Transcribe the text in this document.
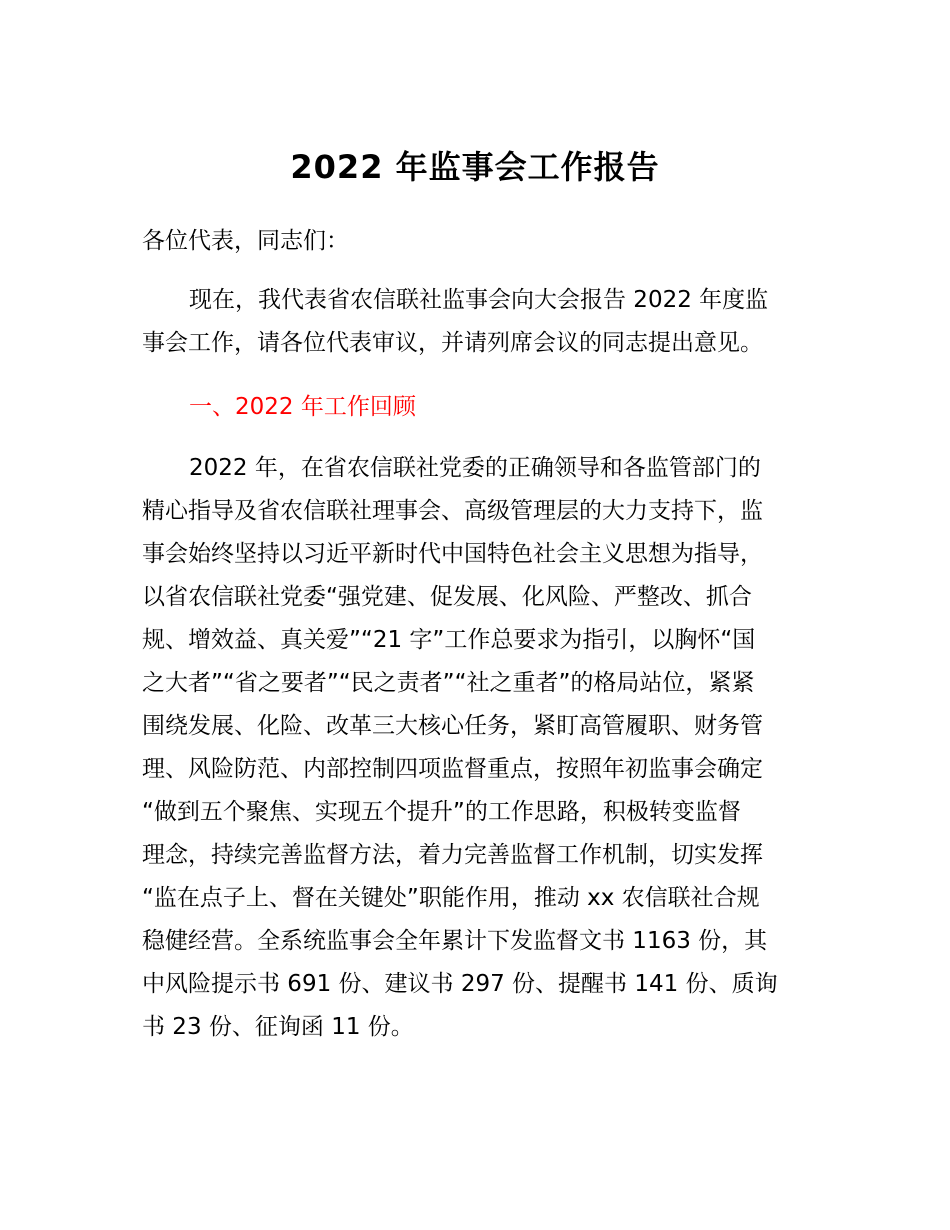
2022 年监事会工作报告
各位代表，同志们：
现在，我代表省农信联社监事会向大会报告 2022 年度监
事会工作，请各位代表审议，并请列席会议的同志提出意见。
一、2022 年工作回顾
2022 年，在省农信联社党委的正确领导和各监管部门的
精心指导及省农信联社理事会、高级管理层的大力支持下，监
事会始终坚持以习近平新时代中国特色社会主义思想为指导，
以省农信联社党委“强党建、促发展、化风险、严整改、抓合
规、增效益、真关爱”“21 字”工作总要求为指引，以胸怀“国
之大者”“省之要者”“民之责者”“社之重者”的格局站位，紧紧
围绕发展、化险、改革三大核心任务，紧盯高管履职、财务管
理、风险防范、内部控制四项监督重点，按照年初监事会确定
“做到五个聚焦、实现五个提升”的工作思路，积极转变监督
理念，持续完善监督方法，着力完善监督工作机制，切实发挥
“监在点子上、督在关键处”职能作用，推动 xx 农信联社合规
稳健经营。全系统监事会全年累计下发监督文书 1163 份，其
中风险提示书 691 份、建议书 297 份、提醒书 141 份、质询
书 23 份、征询函 11 份。
